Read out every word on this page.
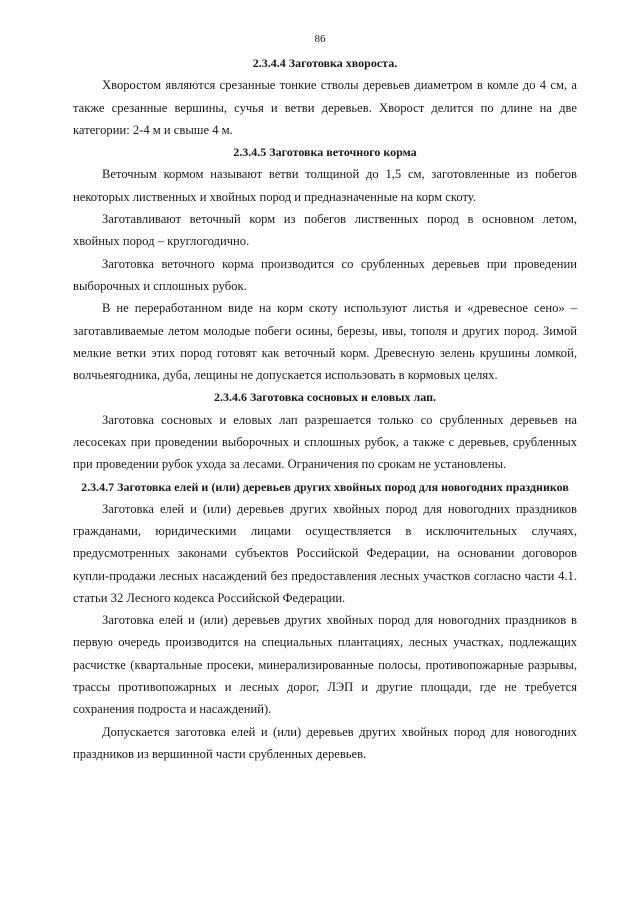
86
2.3.4.4 Заготовка хвороста.

Хворостом являются срезанные тонкие стволы деревьев диаметром в комле до 4 см, а также срезанные вершины, сучья и ветви деревьев. Хворост делится по длине на две категории: 2-4 м и свыше 4 м.

2.3.4.5 Заготовка веточного корма

Веточным кормом называют ветви толщиной до 1,5 см, заготовленные из побегов некоторых лиственных и хвойных пород и предназначенные на корм скоту.

Заготавливают веточный корм из побегов лиственных пород в основном летом, хвойных пород – круглогодично.

Заготовка веточного корма производится со срубленных деревьев при проведении выборочных и сплошных рубок.

В не переработанном виде на корм скоту используют листья и «древесное сено» – заготавливаемые летом молодые побеги осины, березы, ивы, тополя и других пород. Зимой мелкие ветки этих пород готовят как веточный корм. Древесную зелень крушины ломкой, волчьеягодника, дуба, лещины не допускается использовать в кормовых целях.

2.3.4.6 Заготовка сосновых и еловых лап.

Заготовка сосновых и еловых лап разрешается только со срубленных деревьев на лесосеках при проведении выборочных и сплошных рубок, а также с деревьев, срубленных при проведении рубок ухода за лесами. Ограничения по срокам не установлены.

2.3.4.7 Заготовка елей и (или) деревьев других хвойных пород для новогодних праздников

Заготовка елей и (или) деревьев других хвойных пород для новогодних праздников гражданами, юридическими лицами осуществляется в исключительных случаях, предусмотренных законами субъектов Российской Федерации, на основании договоров купли-продажи лесных насаждений без предоставления лесных участков согласно части 4.1. статьи 32 Лесного кодекса Российской Федерации.

Заготовка елей и (или) деревьев других хвойных пород для новогодних праздников в первую очередь производится на специальных плантациях, лесных участках, подлежащих расчистке (квартальные просеки, минерализированные полосы, противопожарные разрывы, трассы противопожарных и лесных дорог, ЛЭП и другие площади, где не требуется сохранения подроста и насаждений).

Допускается заготовка елей и (или) деревьев других хвойных пород для новогодних праздников из вершинной части срубленных деревьев.
